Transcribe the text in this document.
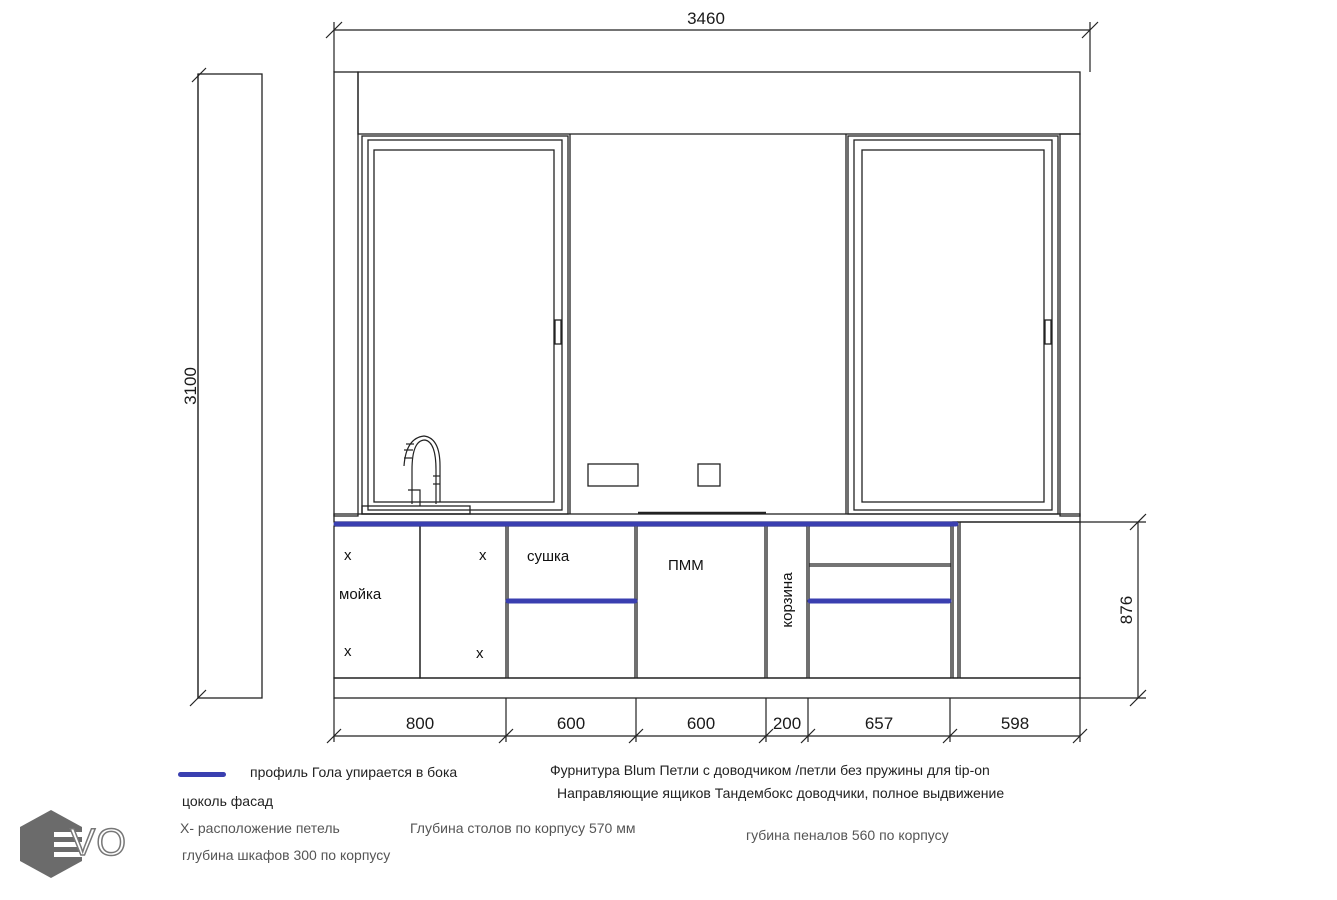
3460
3100
876
800	600	600	200	657	598
x
x
x
x
мойка
сушка
ПММ
корзина
профиль Гола упирается в бока
цоколь фасад
Фурнитура Blum Петли с доводчиком /петли без пружины для tip-on
Направляющие ящиков Тандембокс доводчики, полное выдвижение
Х- расположение петель	Глубина столов по корпусу 570 мм	губина пеналов 560 по корпусу
глубина шкафов 300 по корпусу
VO
